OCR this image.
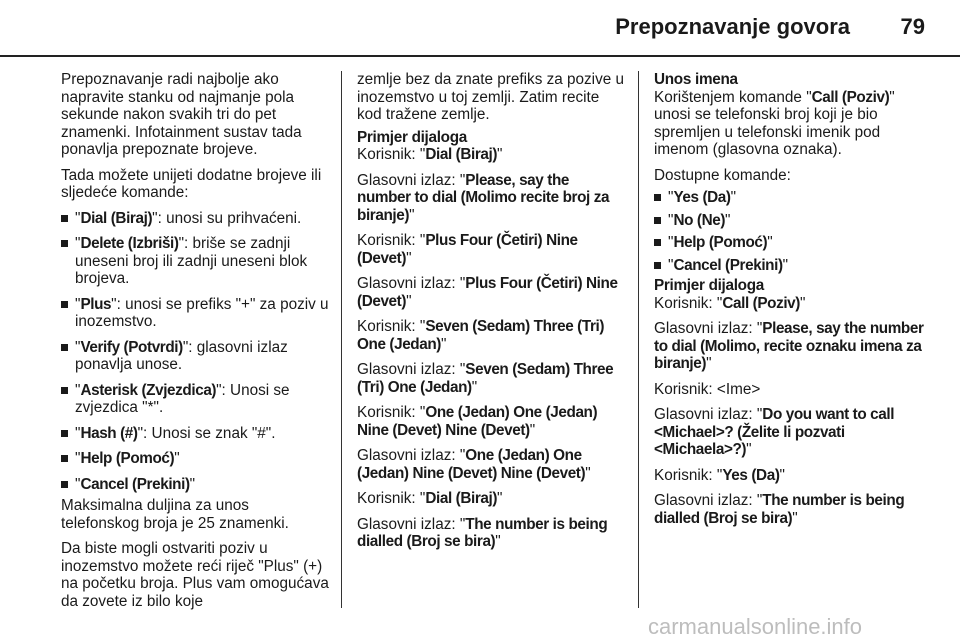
Prepoznavanje govora	79

Prepoznavanje radi najbolje ako napravite stanku od najmanje pola sekunde nakon svakih tri do pet znamenki. Infotainment sustav tada ponavlja prepoznate brojeve.

Tada možete unijeti dodatne brojeve ili sljedeće komande:

"Dial (Biraj)": unosi su prihvaćeni.
"Delete (Izbriši)": briše se zadnji uneseni broj ili zadnji uneseni blok brojeva.
"Plus": unosi se prefiks "+" za poziv u inozemstvo.
"Verify (Potvrdi)": glasovni izlaz ponavlja unose.
"Asterisk (Zvjezdica)": Unosi se zvjezdica "*".
"Hash (#)": Unosi se znak "#".
"Help (Pomoć)"
"Cancel (Prekini)"

Maksimalna duljina za unos telefonskog broja je 25 znamenki.

Da biste mogli ostvariti poziv u inozemstvo možete reći riječ "Plus" (+) na početku broja. Plus vam omogućava da zovete iz bilo koje

zemlje bez da znate prefiks za pozive u inozemstvo u toj zemlji. Zatim recite kod tražene zemlje.

Primjer dijaloga

Korisnik: "Dial (Biraj)"

Glasovni izlaz: "Please, say the number to dial (Molimo recite broj za biranje)"

Korisnik: "Plus Four (Četiri) Nine (Devet)"

Glasovni izlaz: "Plus Four (Četiri) Nine (Devet)"

Korisnik: "Seven (Sedam) Three (Tri) One (Jedan)"

Glasovni izlaz: "Seven (Sedam) Three (Tri) One (Jedan)"

Korisnik: "One (Jedan) One (Jedan) Nine (Devet) Nine (Devet)"

Glasovni izlaz: "One (Jedan) One (Jedan) Nine (Devet) Nine (Devet)"

Korisnik: "Dial (Biraj)"

Glasovni izlaz: "The number is being dialled (Broj se bira)"

Unos imena

Korištenjem komande "Call (Poziv)" unosi se telefonski broj koji je bio spremljen u telefonski imenik pod imenom (glasovna oznaka).

Dostupne komande:

"Yes (Da)"
"No (Ne)"
"Help (Pomoć)"
"Cancel (Prekini)"
Primjer dijaloga

Korisnik: "Call (Poziv)"

Glasovni izlaz: "Please, say the number to dial (Molimo, recite oznaku imena za biranje)"

Korisnik: <Ime>

Glasovni izlaz: "Do you want to call <Michael>? (Želite li pozvati <Michaela>?)"

Korisnik: "Yes (Da)"

Glasovni izlaz: "The number is being dialled (Broj se bira)"

carmanualsonline.info
